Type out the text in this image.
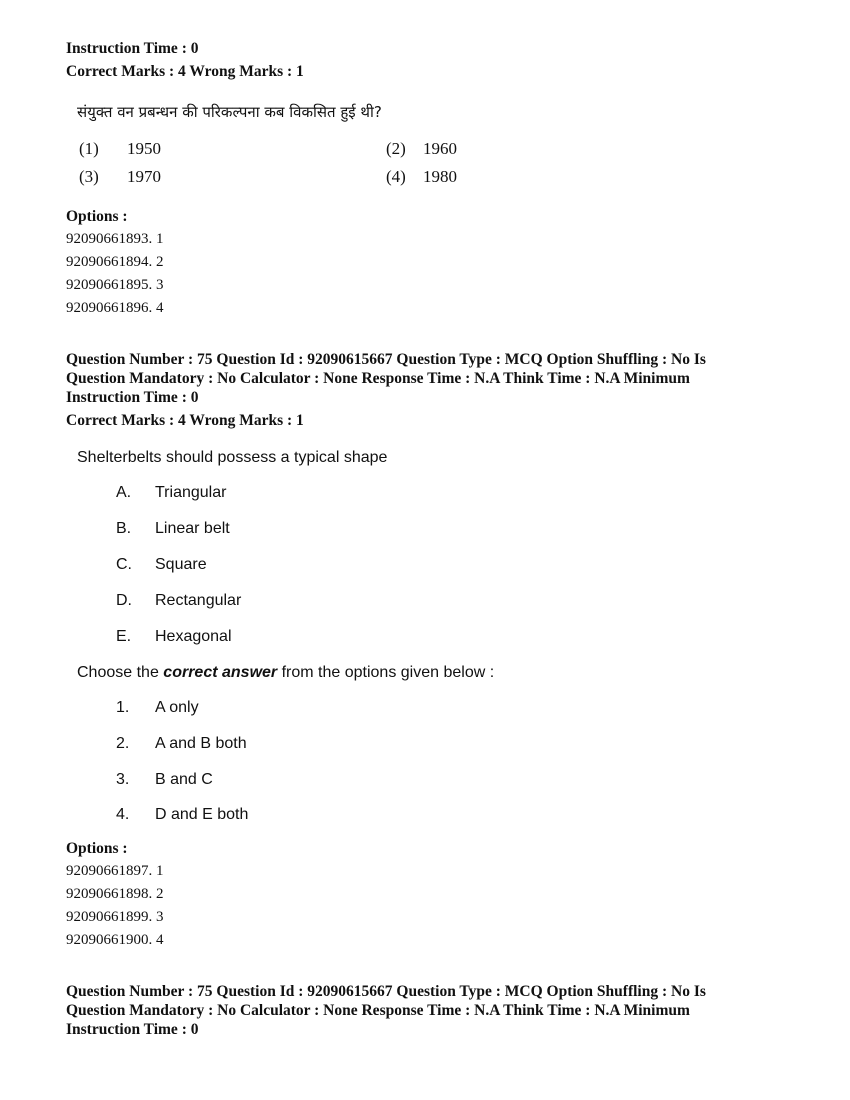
Instruction Time : 0
Correct Marks : 4 Wrong Marks : 1
संयुक्त वन प्रबन्धन की परिकल्पना कब विकसित हुई थी?
(1) 1950	(2) 1960
(3) 1970	(4) 1980
Options :
92090661893. 1
92090661894. 2
92090661895. 3
92090661896. 4
Question Number : 75 Question Id : 92090615667 Question Type : MCQ Option Shuffling : No Is
Question Mandatory : No Calculator : None Response Time : N.A Think Time : N.A Minimum
Instruction Time : 0
Correct Marks : 4 Wrong Marks : 1
Shelterbelts should possess a typical shape
A. Triangular
B. Linear belt
C. Square
D. Rectangular
E. Hexagonal
Choose the correct answer from the options given below :
1. A only
2. A and B both
3. B and C
4. D and E both
Options :
92090661897. 1
92090661898. 2
92090661899. 3
92090661900. 4
Question Number : 75 Question Id : 92090615667 Question Type : MCQ Option Shuffling : No Is
Question Mandatory : No Calculator : None Response Time : N.A Think Time : N.A Minimum
Instruction Time : 0
